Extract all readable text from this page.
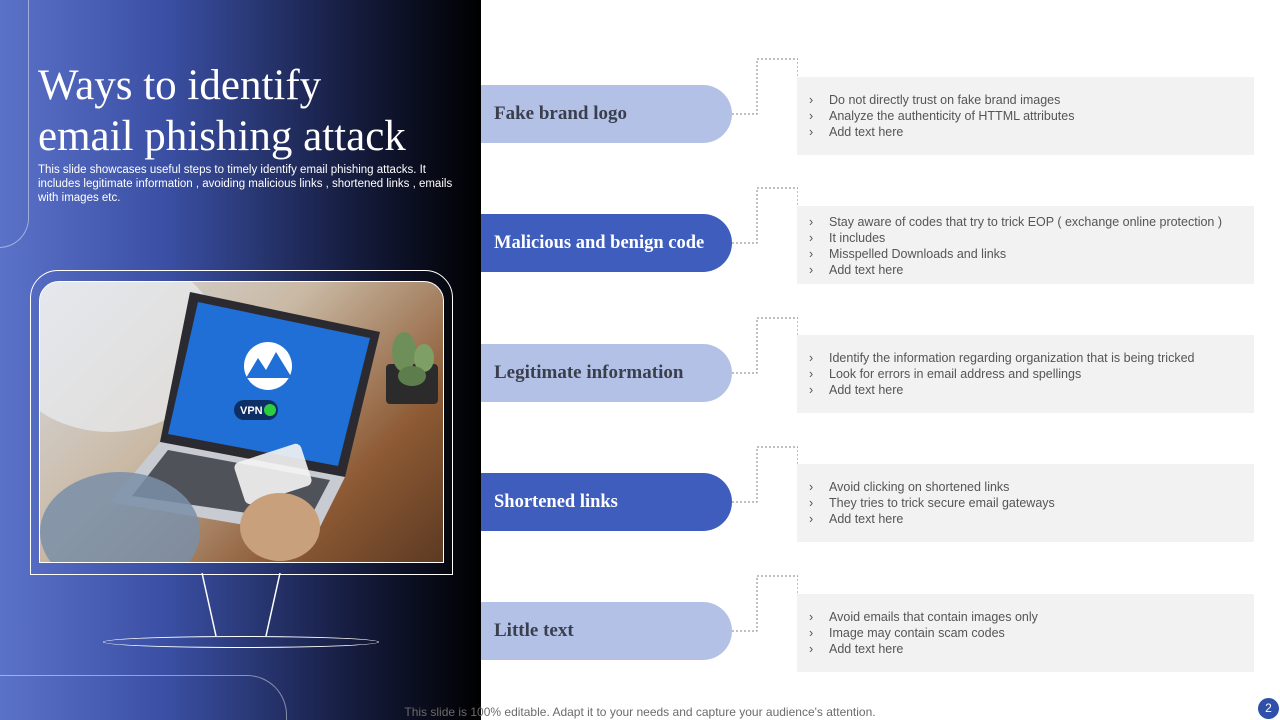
Ways to identify
email phishing attack

This slide showcases useful steps to timely identify email phishing attacks. It includes legitimate information , avoiding malicious links , shortened links , emails with images etc.

VPN
Fake brand logo
› Do not directly trust on fake brand images
› Analyze the authenticity of HTTML attributes
› Add text here
Malicious and benign code
› Stay aware of codes that try to trick EOP ( exchange online protection )
› It includes
› Misspelled Downloads and links
› Add text here
Legitimate information
› Identify the information regarding organization that is being tricked
› Look for errors in email address and spellings
› Add text here
Shortened links
› Avoid clicking on shortened links
› They tries to trick secure email gateways
› Add text here
Little text
› Avoid emails that contain images only
› Image may contain scam codes
› Add text here
This slide is 100% editable. Adapt it to your needs and capture your audience's attention.	2
